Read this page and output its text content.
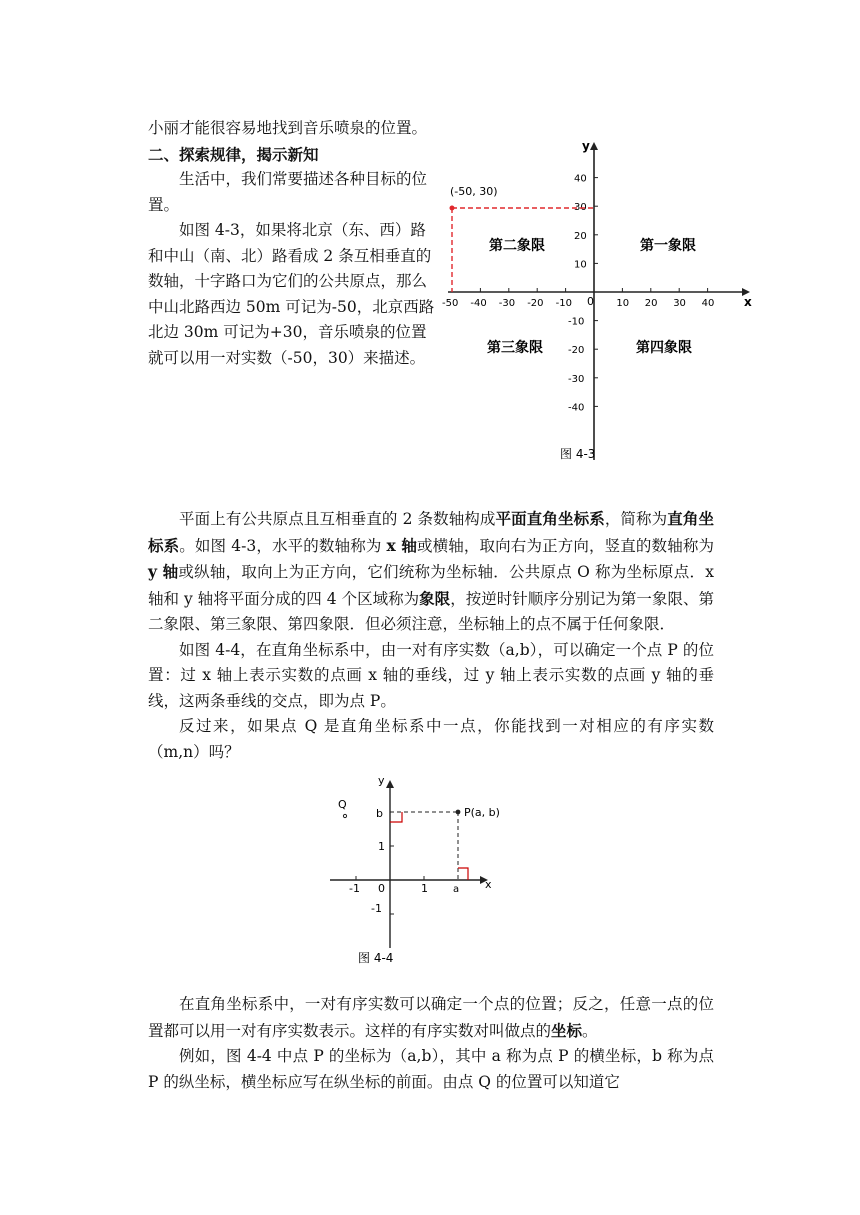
小丽才能很容易地找到音乐喷泉的位置。

二、探索规律，揭示新知

生活中，我们常要描述各种目标的位置。

如图 4-3，如果将北京（东、西）路和中山（南、北）路看成 2 条互相垂直的数轴，十字路口为它们的公共原点，那么中山北路西边 50m 可记为-50，北京西路北边 30m 可记为+30，音乐喷泉的位置就可以用一对实数（-50，30）来描述。

x
y
0
-50 -40 -30 -20 -10	10 20 30 40
40
30
20
10
-10
-20
-30
-40
(-50, 30)
第二象限	第一象限
第三象限	第四象限
图 4-3

平面上有公共原点且互相垂直的 2 条数轴构成平面直角坐标系，简称为直角坐标系。如图 4-3，水平的数轴称为 x 轴或横轴，取向右为正方向，竖直的数轴称为 y 轴或纵轴，取向上为正方向，它们统称为坐标轴．公共原点 O 称为坐标原点．x 轴和 y 轴将平面分成的四 4 个区域称为象限，按逆时针顺序分别记为第一象限、第二象限、第三象限、第四象限．但必须注意，坐标轴上的点不属于任何象限．

如图 4-4，在直角坐标系中，由一对有序实数（a,b），可以确定一个点 P 的位置：过 x 轴上表示实数的点画 x 轴的垂线，过 y 轴上表示实数的点画 y 轴的垂线，这两条垂线的交点，即为点 P。

反过来，如果点 Q 是直角坐标系中一点，你能找到一对相应的有序实数（m,n）吗？

x
y
0
-1	1
1
-1
b
a
P(a, b)
Q
图 4-4

在直角坐标系中，一对有序实数可以确定一个点的位置；反之，任意一点的位置都可以用一对有序实数表示。这样的有序实数对叫做点的坐标。

例如，图 4-4 中点 P 的坐标为（a,b），其中 a 称为点 P 的横坐标，b 称为点 P 的纵坐标，横坐标应写在纵坐标的前面。由点 Q 的位置可以知道它
